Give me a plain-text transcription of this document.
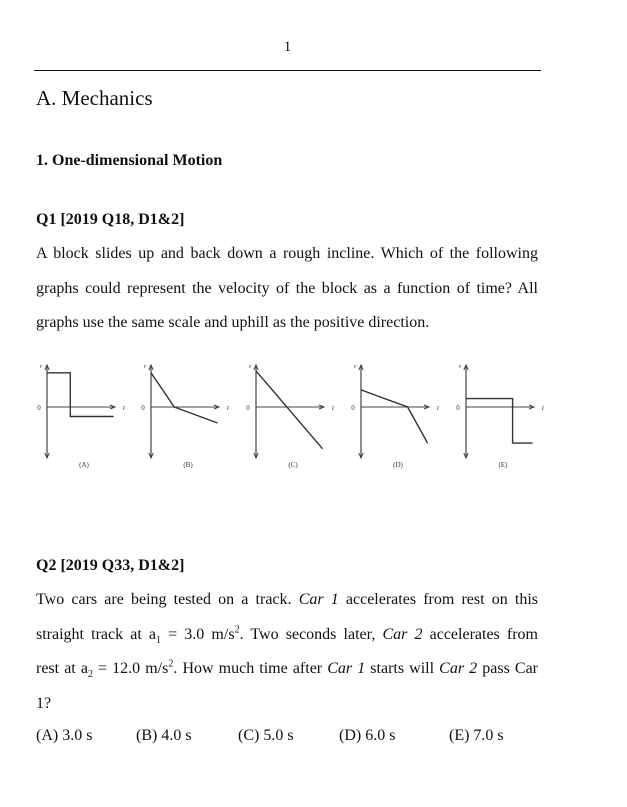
1
A. Mechanics
1. One-dimensional Motion
Q1 [2019 Q18, D1&2]

A block slides up and back down a rough incline. Which of the following

graphs could represent the velocity of the block as a function of time? All

graphs use the same scale and uphill as the positive direction.

v
t
0
(A)
v
t
0
(B)
v
t
0
(C)
v
t
0
(D)
v
t
0
(E)
Q2 [2019 Q33, D1&2]

Two cars are being tested on a track. Car 1 accelerates from rest on this

straight track at $a_1 = 3.0$ $m/s^2$. Two seconds later, Car 2 accelerates from

rest at $a_2 = 12.0$ $m/s^2$. How much time after Car 1 starts will Car 2 pass Car

1?

(A) 3.0 s	(B) 4.0 s	(C) 5.0 s	(D) 6.0 s	(E) 7.0 s
